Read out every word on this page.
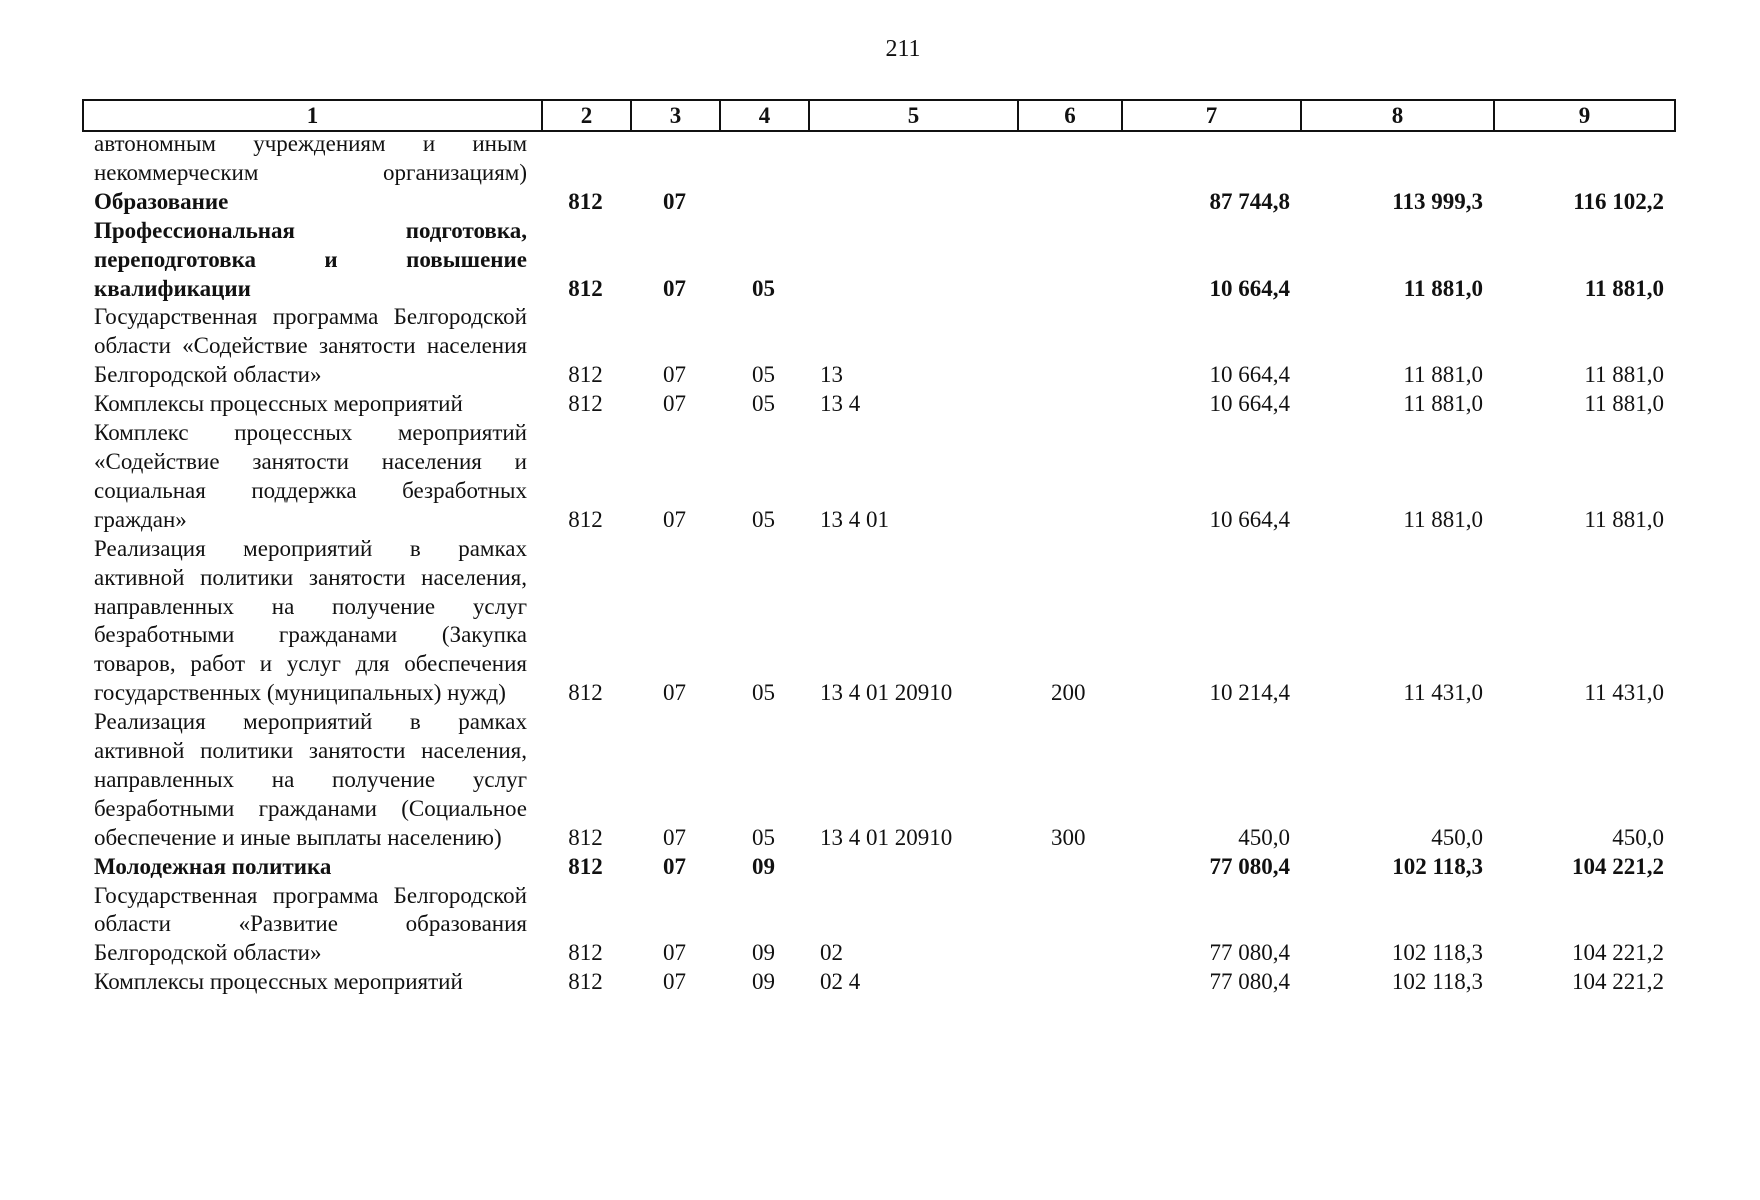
211
1	2	3	4	5	6	7	8	9
автономным учреждениям и иным некоммерческим организациям)								
Образование	812	07				87 744,8	113 999,3	116 102,2
Профессиональная подготовка, переподготовка и повышение квалификации	812	07	05			10 664,4	11 881,0	11 881,0
Государственная программа Белгородской области «Содействие занятости населения Белгородской области»	812	07	05	13		10 664,4	11 881,0	11 881,0
Комплексы процессных мероприятий	812	07	05	13 4		10 664,4	11 881,0	11 881,0
Комплекс процессных мероприятий «Содействие занятости населения и социальная поддержка безработных граждан»	812	07	05	13 4 01		10 664,4	11 881,0	11 881,0
Реализация мероприятий в рамках активной политики занятости населения, направленных на получение услуг безработными гражданами (Закупка товаров, работ и услуг для обеспечения государственных (муниципальных) нужд)	812	07	05	13 4 01 20910	200	10 214,4	11 431,0	11 431,0
Реализация мероприятий в рамках активной политики занятости населения, направленных на получение услуг безработными гражданами (Социальное обеспечение и иные выплаты населению)	812	07	05	13 4 01 20910	300	450,0	450,0	450,0
Молодежная политика	812	07	09			77 080,4	102 118,3	104 221,2
Государственная программа Белгородской области «Развитие образования Белгородской области»	812	07	09	02		77 080,4	102 118,3	104 221,2
Комплексы процессных мероприятий	812	07	09	02 4		77 080,4	102 118,3	104 221,2
